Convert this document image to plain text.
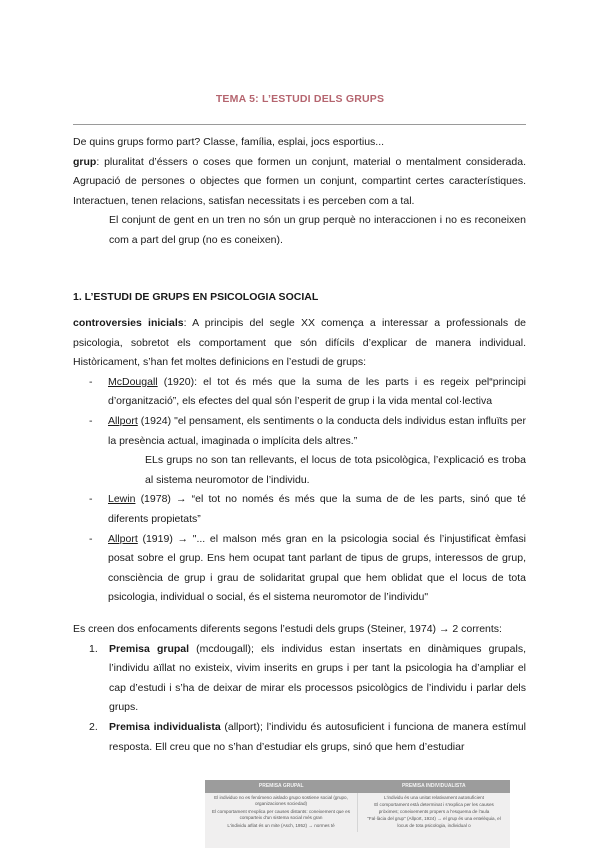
TEMA 5: L’ESTUDI DELS GRUPS

De quins grups formo part? Classe, família, esplai, jocs esportius...

grup: pluralitat d’éssers o coses que formen un conjunt, material o mentalment considerada. Agrupació de persones o objectes que formen un conjunt, compartint certes característiques. Interactuen, tenen relacions, satisfan necessitats i es perceben com a tal.

El conjunt de gent en un tren no són un grup perquè no interaccionen i no es reconeixen com a part del grup (no es coneixen).

1. L’ESTUDI DE GRUPS EN PSICOLOGIA SOCIAL

controversies inicials: A principis del segle XX comença a interessar a professionals de psicologia, sobretot els comportament que són difícils d’explicar de manera individual. Històricament, s’han fet moltes definicions en l’estudi de grups:

- McDougall (1920): el tot és més que la suma de les parts i es regeix pel“principi d’organització”, els efectes del qual són l’esperit de grup i la vida mental col·lectiva
- Allport (1924) "el pensament, els sentiments o la conducta dels individus estan influïts per la presència actual, imaginada o implícita dels altres.”

ELs grups no son tan rellevants, el locus de tota psicològica, l’explicació es troba al sistema neuromotor de l’individu.

- Lewin (1978) → “el tot no només és més que la suma de de les parts, sinó que té diferents propietats”
- Allport (1919) → "... el malson més gran en la psicologia social és l’injustificat èmfasi posat sobre el grup. Ens hem ocupat tant parlant de tipus de grups, interessos de grup, consciència de grup i grau de solidaritat grupal que hem oblidat que el locus de tota psicologia, individual o social, és el sistema neuromotor de l’individu"

Es creen dos enfocaments diferents segons l’estudi dels grups (Steiner, 1974) → 2 corrents:

1. Premisa grupal (mcdougall); els individus estan insertats en dinàmiques grupals, l’individu aïllat no existeix, vivim inserits en grups i per tant la psicologia ha d’ampliar el cap d’estudi i s’ha de deixar de mirar els processos psicològics de l’individu i parlar dels grups.
2. Premisa individualista (allport); l’individu és autosuficient i funciona de manera estímul resposta. Ell creu que no s’han d’estudiar els grups, sinó que hem d’estudiar
PREMISA GRUPAL	PREMISA INDIVIDUALISTA

El individuo no es fenómeno aislado grupo sostiene social (grupo, organizaciones sociedad)

El comportament s'explica per causes distants: coneixement que es comparteix d'un sistema social més gran

L'individu aïllat és un mite (Asch, 1952) → normes té

L'individu és una unitat relativament autosuficient

El comportament està determinat i s'explica per les causes pròximes; coneixements propers a l'esquema de l'aula

"Fal·làcia del grup" (Allport, 1924) → el grup és una entelèquia, el locus de tota psicologia, individual o
